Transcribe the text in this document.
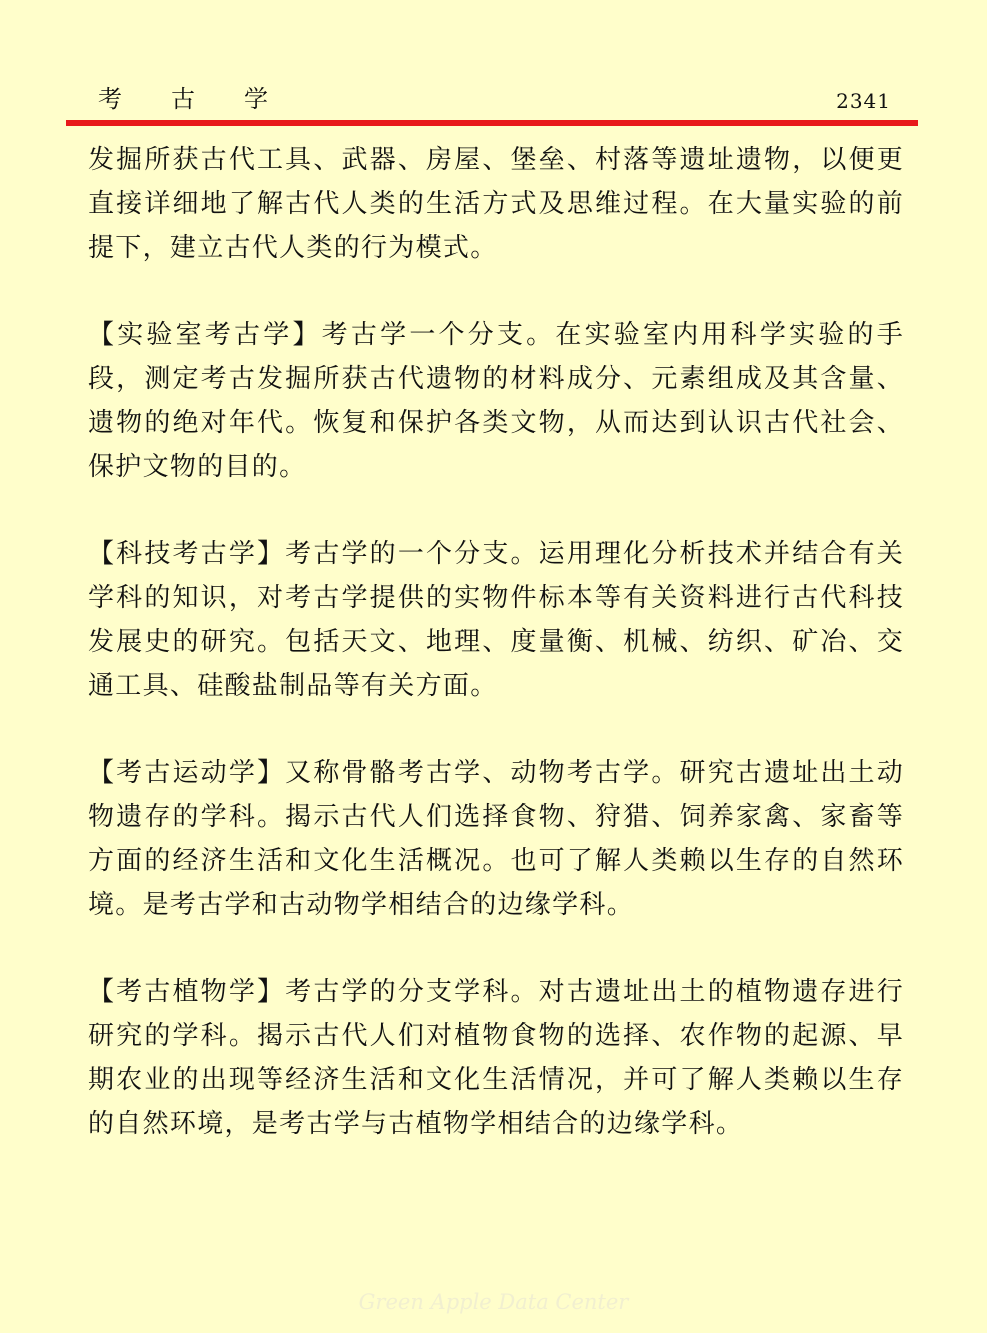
考古学	2341

发掘所获古代工具、武器、房屋、堡垒、村落等遗址遗物，以便更直接详细地了解古代人类的生活方式及思维过程。在大量实验的前提下，建立古代人类的行为模式。

【实验室考古学】考古学一个分支。在实验室内用科学实验的手段，测定考古发掘所获古代遗物的材料成分、元素组成及其含量、遗物的绝对年代。恢复和保护各类文物，从而达到认识古代社会、保护文物的目的。

【科技考古学】考古学的一个分支。运用理化分析技术并结合有关学科的知识，对考古学提供的实物件标本等有关资料进行古代科技发展史的研究。包括天文、地理、度量衡、机械、纺织、矿冶、交通工具、硅酸盐制品等有关方面。

【考古运动学】又称骨骼考古学、动物考古学。研究古遗址出土动物遗存的学科。揭示古代人们选择食物、狩猎、饲养家禽、家畜等方面的经济生活和文化生活概况。也可了解人类赖以生存的自然环境。是考古学和古动物学相结合的边缘学科。

【考古植物学】考古学的分支学科。对古遗址出土的植物遗存进行研究的学科。揭示古代人们对植物食物的选择、农作物的起源、早期农业的出现等经济生活和文化生活情况，并可了解人类赖以生存的自然环境，是考古学与古植物学相结合的边缘学科。

Green Apple Data Center
